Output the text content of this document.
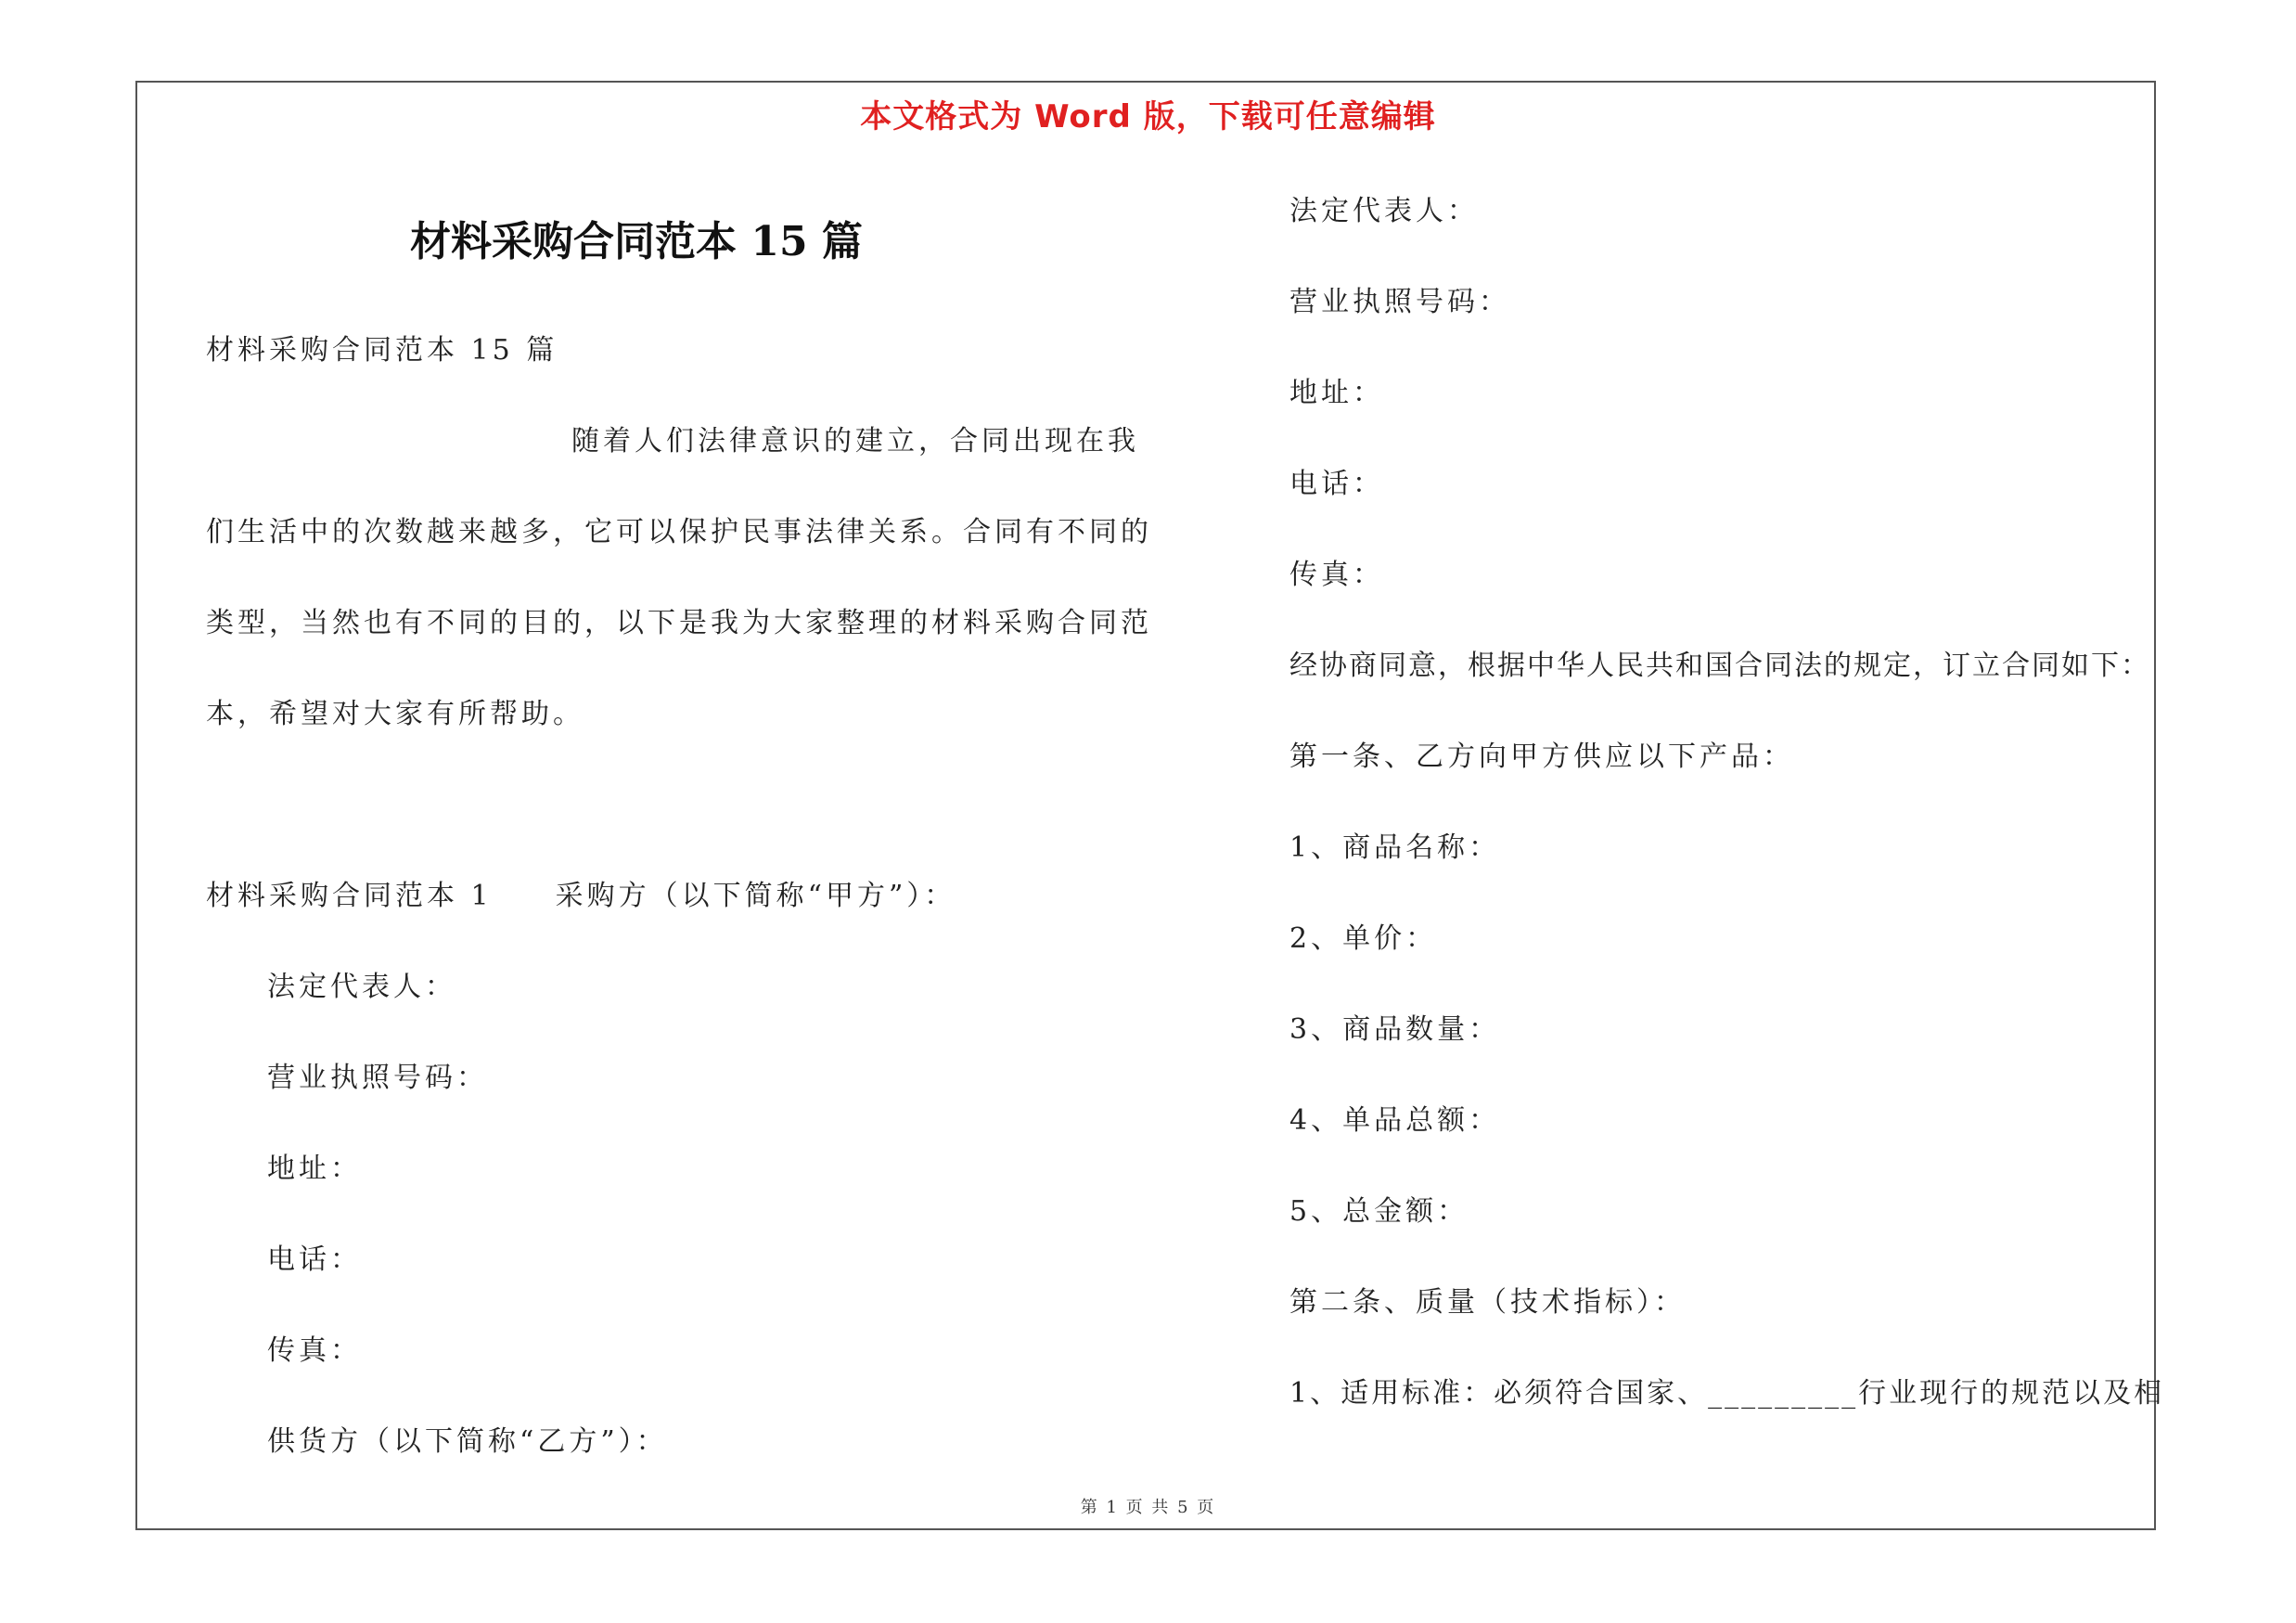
本文格式为 Word 版，下载可任意编辑
材料采购合同范本 15 篇
材料采购合同范本 15 篇
随着人们法律意识的建立，合同出现在我
们生活中的次数越来越多，它可以保护民事法律关系。合同有不同的
类型，当然也有不同的目的，以下是我为大家整理的材料采购合同范
本，希望对大家有所帮助。
材料采购合同范本 1　　采购方（以下简称“甲方”）：
法定代表人：
营业执照号码：
地址：
电话：
传真：
供货方（以下简称“乙方”）：
法定代表人：
营业执照号码：
地址：
电话：
传真：
经协商同意，根据中华人民共和国合同法的规定，订立合同如下：
第一条、乙方向甲方供应以下产品：
1、商品名称：
2、单价：
3、商品数量：
4、单品总额：
5、总金额：
第二条、质量（技术指标）：
1、适用标准：必须符合国家、_________行业现行的规范以及相
第 1 页 共 5 页
